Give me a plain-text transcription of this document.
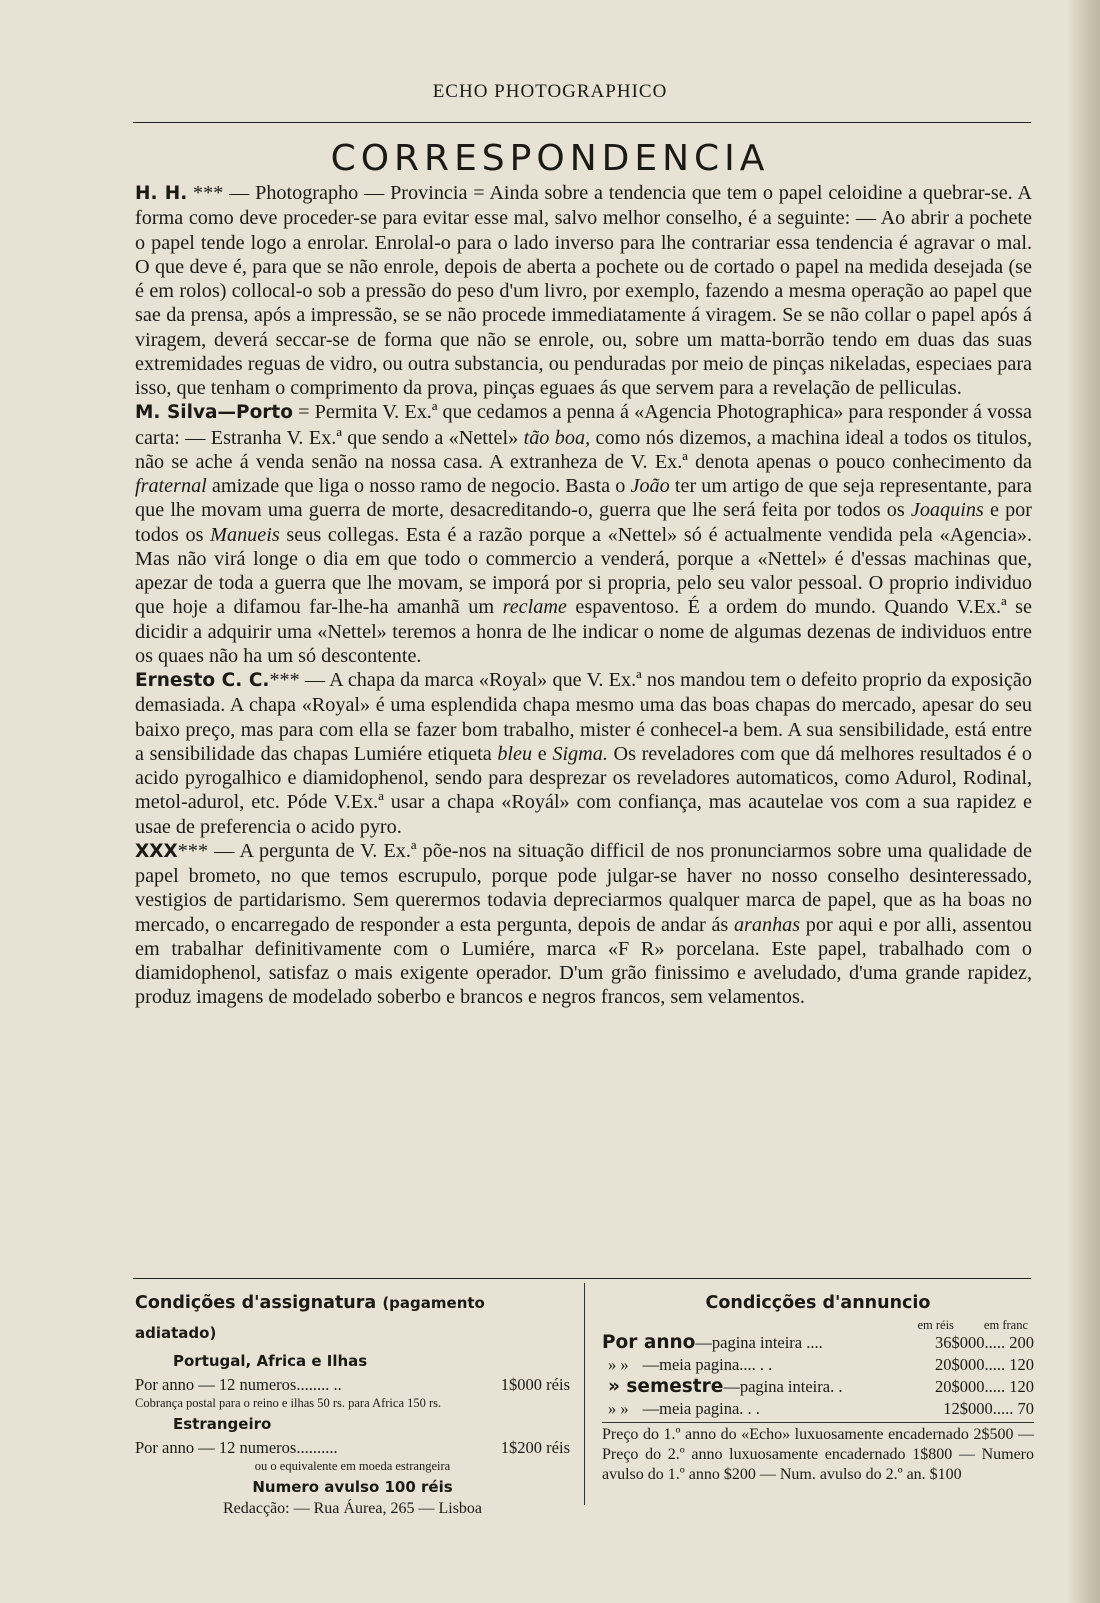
ECHO PHOTOGRAPHICO
CORRESPONDENCIA

H. H. *** — Photographo — Provincia = Ainda sobre a tendencia que tem o papel celoidine a quebrar-se. A forma como deve proceder-se para evitar esse mal, salvo melhor conselho, é a seguinte: — Ao abrir a pochete o papel tende logo a enrolar. Enrolal-o para o lado inverso para lhe contrariar essa tendencia é agravar o mal. O que deve é, para que se não enrole, depois de aberta a pochete ou de cortado o papel na medida desejada (se é em rolos) collocal-o sob a pressão do peso d'um livro, por exemplo, fazendo a mesma operação ao papel que sae da prensa, após a impressão, se se não procede immediatamente á viragem. Se se não collar o papel após á viragem, deverá seccar-se de forma que não se enrole, ou, sobre um matta-borrão tendo em duas das suas extremidades reguas de vidro, ou outra substancia, ou penduradas por meio de pinças nikeladas, especiaes para isso, que tenham o comprimento da prova, pinças eguaes ás que servem para a revelação de pelliculas.

M. Silva—Porto = Permita V. Ex.ª que cedamos a penna á «Agencia Photographica» para responder á vossa carta: — Estranha V. Ex.ª que sendo a «Nettel» tão boa, como nós dizemos, a machina ideal a todos os titulos, não se ache á venda senão na nossa casa. A extranheza de V. Ex.ª denota apenas o pouco conhecimento da fraternal amizade que liga o nosso ramo de negocio. Basta o João ter um artigo de que seja representante, para que lhe movam uma guerra de morte, desacreditando-o, guerra que lhe será feita por todos os Joaquins e por todos os Manueis seus collegas. Esta é a razão porque a «Nettel» só é actualmente vendida pela «Agencia». Mas não virá longe o dia em que todo o commercio a venderá, porque a «Nettel» é d'essas machinas que, apezar de toda a guerra que lhe movam, se imporá por si propria, pelo seu valor pessoal. O proprio individuo que hoje a difamou far-lhe-ha amanhã um reclame espaventoso. É a ordem do mundo. Quando V.Ex.ª se dicidir a adquirir uma «Nettel» teremos a honra de lhe indicar o nome de algumas dezenas de individuos entre os quaes não ha um só descontente.

Ernesto C. C.*** — A chapa da marca «Royal» que V. Ex.ª nos mandou tem o defeito proprio da exposição demasiada. A chapa «Royal» é uma esplendida chapa mesmo uma das boas chapas do mercado, apesar do seu baixo preço, mas para com ella se fazer bom trabalho, mister é conhecel-a bem. A sua sensibilidade, está entre a sensibilidade das chapas Lumiére etiqueta bleu e Sigma. Os reveladores com que dá melhores resultados é o acido pyrogalhico e diamidophenol, sendo para desprezar os reveladores automaticos, como Adurol, Rodinal, metol-adurol, etc. Póde V.Ex.ª usar a chapa «Royál» com confiança, mas acautelae vos com a sua rapidez e usae de preferencia o acido pyro.

XXX*** — A pergunta de V. Ex.ª põe-nos na situação difficil de nos pronunciarmos sobre uma qualidade de papel brometo, no que temos escrupulo, porque pode julgar-se haver no nosso conselho desinteressado, vestigios de partidarismo. Sem querermos todavia depreciarmos qualquer marca de papel, que as ha boas no mercado, o encarregado de responder a esta pergunta, depois de andar ás aranhas por aqui e por alli, assentou em trabalhar definitivamente com o Lumiére, marca «F R» porcelana. Este papel, trabalhado com o diamidophenol, satisfaz o mais exigente operador. D'um grão finissimo e aveludado, d'uma grande rapidez, produz imagens de modelado soberbo e brancos e negros francos, sem velamentos.

Condições d'assignatura (pagamento adiatado)
Portugal, Africa e Ilhas
Por anno — 12 numeros........ ..	1$000 réis
Cobrança postal para o reino e ilhas 50 rs. para Africa 150 rs.
Estrangeiro
Por anno — 12 numeros..........	1$200 réis
ou o equivalente em moeda estrangeira
Numero avulso 100 réis
Redacção: — Rua Áurea, 265 — Lisboa
Condicções d'annuncio
em réis em franc
Por anno—pagina inteira ....	36$000..... 200
» » —meia pagina.... . .	20$000..... 120
» semestre—pagina inteira. .	20$000..... 120
» » —meia pagina. . .	12$000..... 70
Preço do 1.º anno do «Echo» luxuosamente encadernado 2$500 — Preço do 2.º anno luxuosamente encadernado 1$800 — Numero avulso do 1.º anno $200 — Num. avulso do 2.º an. $100
